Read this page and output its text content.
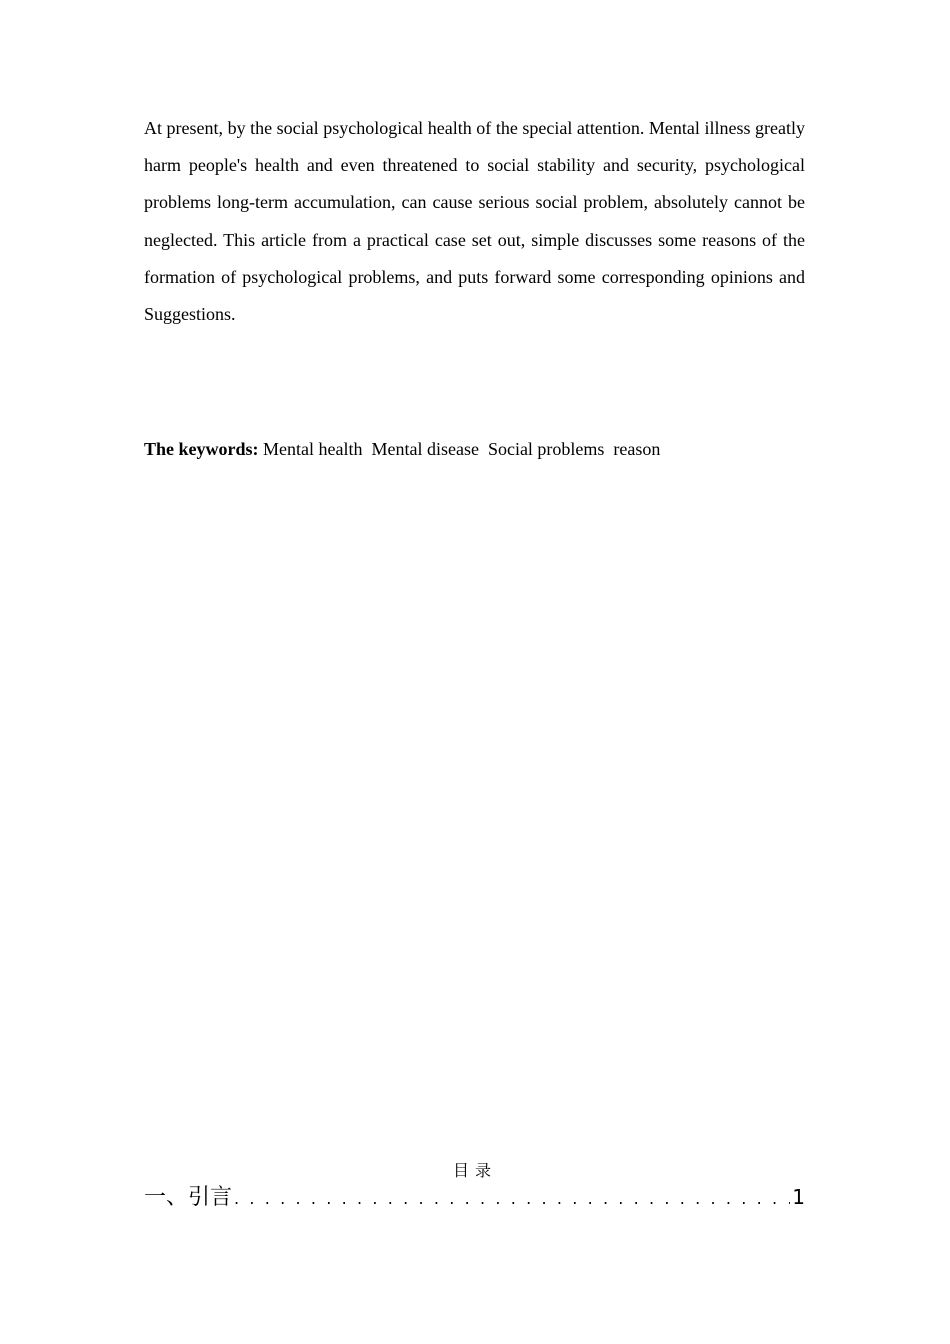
At present, by the social psychological health of the special attention. Mental illness greatly harm people's health and even threatened to social stability and security, psychological problems long-term accumulation, can cause serious social problem, absolutely cannot be neglected. This article from a practical case set out, simple discusses some reasons of the formation of psychological problems, and puts forward some corresponding opinions and Suggestions.

The keywords: Mental health  Mental disease  Social problems  reason

目录
一、引言
. . .	1
